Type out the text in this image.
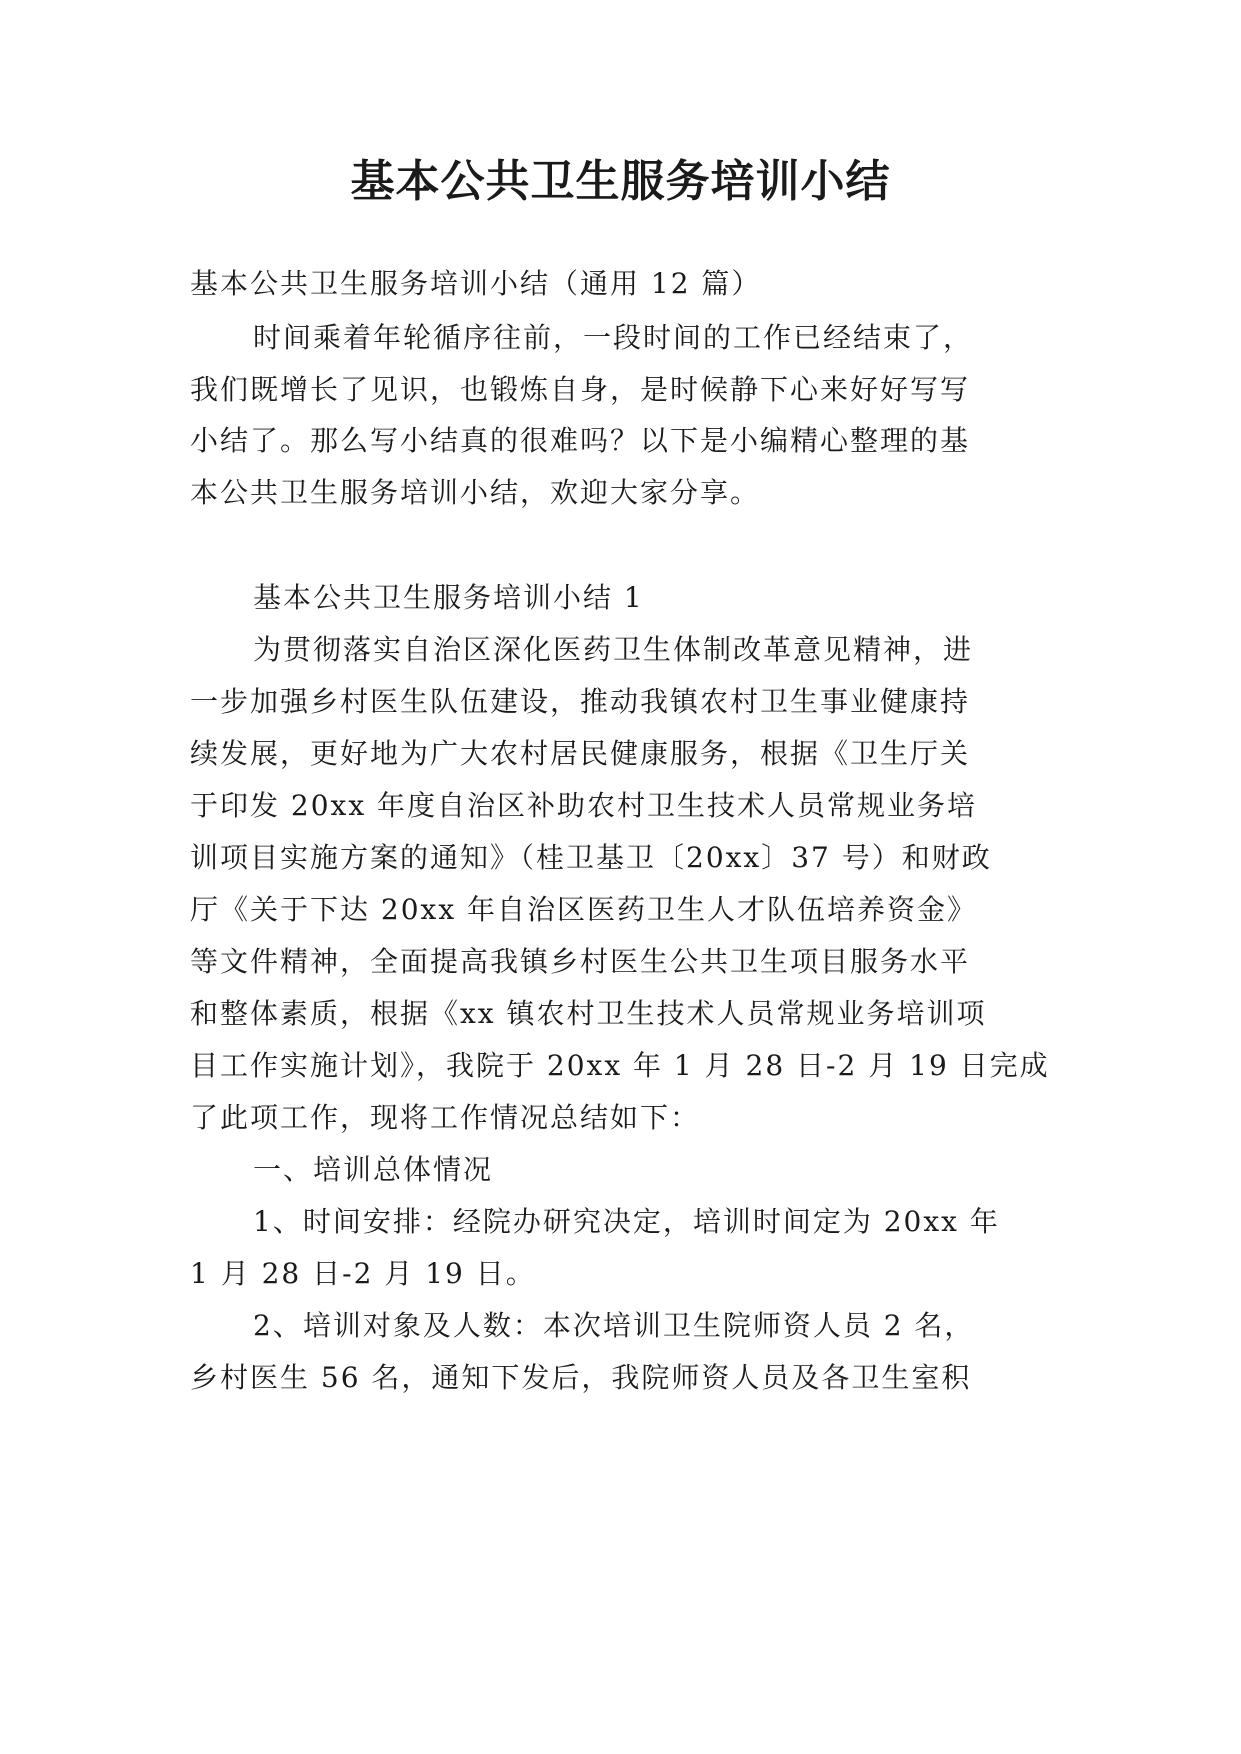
基本公共卫生服务培训小结

基本公共卫生服务培训小结（通用 12 篇）

时间乘着年轮循序往前，一段时间的工作已经结束了，

我们既增长了见识，也锻炼自身，是时候静下心来好好写写

小结了。那么写小结真的很难吗？以下是小编精心整理的基

本公共卫生服务培训小结，欢迎大家分享。

基本公共卫生服务培训小结 1

为贯彻落实自治区深化医药卫生体制改革意见精神，进

一步加强乡村医生队伍建设，推动我镇农村卫生事业健康持

续发展，更好地为广大农村居民健康服务，根据《卫生厅关

于印发 20xx 年度自治区补助农村卫生技术人员常规业务培

训项目实施方案的通知》（桂卫基卫〔20xx〕37 号）和财政

厅《关于下达 20xx 年自治区医药卫生人才队伍培养资金》

等文件精神，全面提高我镇乡村医生公共卫生项目服务水平

和整体素质，根据《xx 镇农村卫生技术人员常规业务培训项

目工作实施计划》，我院于 20xx 年 1 月 28 日-2 月 19 日完成

了此项工作，现将工作情况总结如下：

一、培训总体情况

1、时间安排：经院办研究决定，培训时间定为 20xx 年

1 月 28 日-2 月 19 日。

2、培训对象及人数：本次培训卫生院师资人员 2 名，

乡村医生 56 名，通知下发后，我院师资人员及各卫生室积
